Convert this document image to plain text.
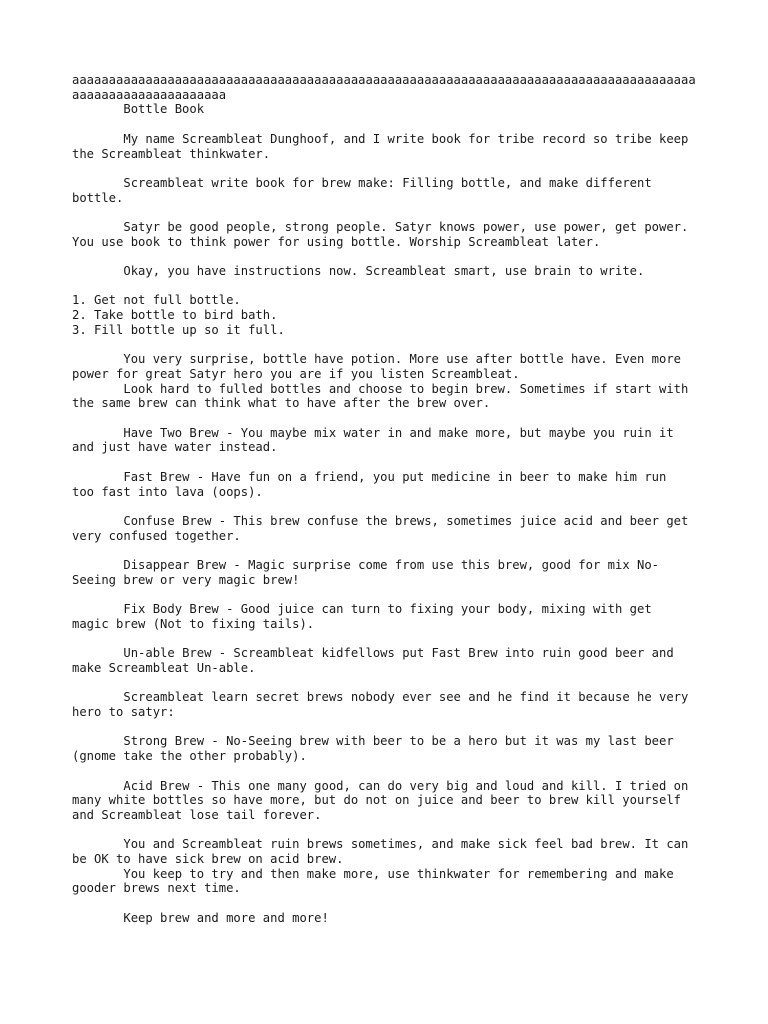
aaaaaaaaaaaaaaaaaaaaaaaaaaaaaaaaaaaaaaaaaaaaaaaaaaaaaaaaaaaaaaaaaaaaaaaaaaaaaaaaaaaaaaaaaaaaaaaaaaaaaaaaaa
Bottle Book

My name Screambleat Dunghoof, and I write book for tribe record so tribe keep
the Screambleat thinkwater.

Screambleat write book for brew make: Filling bottle, and make different
bottle.

Satyr be good people, strong people. Satyr knows power, use power, get power.
You use book to think power for using bottle. Worship Screambleat later.

Okay, you have instructions now. Screambleat smart, use brain to write.

1. Get not full bottle.
2. Take bottle to bird bath.
3. Fill bottle up so it full.

You very surprise, bottle have potion. More use after bottle have. Even more
power for great Satyr hero you are if you listen Screambleat.
Look hard to fulled bottles and choose to begin brew. Sometimes if start with
the same brew can think what to have after the brew over.

Have Two Brew - You maybe mix water in and make more, but maybe you ruin it
and just have water instead.

Fast Brew - Have fun on a friend, you put medicine in beer to make him run
too fast into lava (oops).

Confuse Brew - This brew confuse the brews, sometimes juice acid and beer get
very confused together.

Disappear Brew - Magic surprise come from use this brew, good for mix No-
Seeing brew or very magic brew!

Fix Body Brew - Good juice can turn to fixing your body, mixing with get
magic brew (Not to fixing tails).

Un-able Brew - Screambleat kidfellows put Fast Brew into ruin good beer and
make Screambleat Un-able.

Screambleat learn secret brews nobody ever see and he find it because he very
hero to satyr:

Strong Brew - No-Seeing brew with beer to be a hero but it was my last beer
(gnome take the other probably).

Acid Brew - This one many good, can do very big and loud and kill. I tried on
many white bottles so have more, but do not on juice and beer to brew kill yourself
and Screambleat lose tail forever.

You and Screambleat ruin brews sometimes, and make sick feel bad brew. It can
be OK to have sick brew on acid brew.
You keep to try and then make more, use thinkwater for remembering and make
gooder brews next time.

Keep brew and more and more!
